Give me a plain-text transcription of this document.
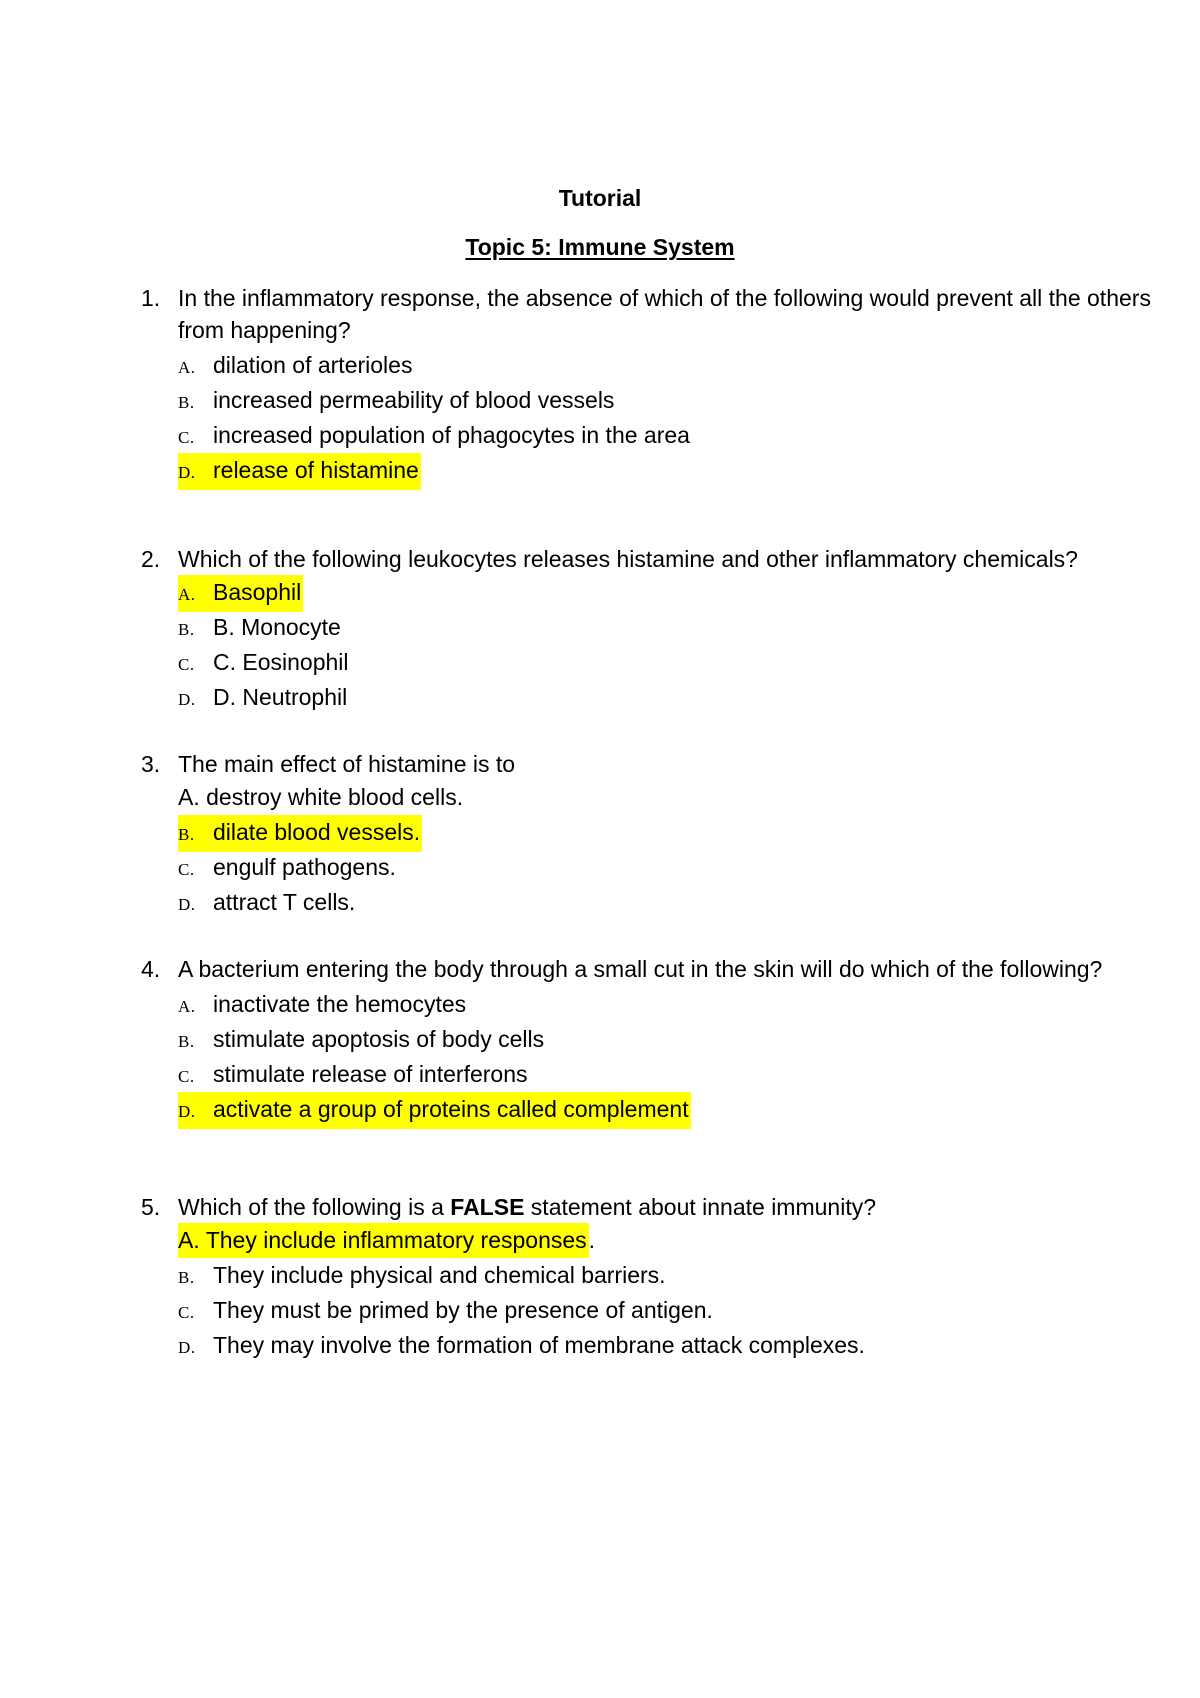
Tutorial
Topic 5: Immune System
1. In the inflammatory response, the absence of which of the following would prevent all the others from happening?
A. dilation of arterioles
B. increased permeability of blood vessels
C. increased population of phagocytes in the area
D. release of histamine
2. Which of the following leukocytes releases histamine and other inflammatory chemicals?
A. Basophil
B. B. Monocyte
C. C. Eosinophil
D. D. Neutrophil
3. The main effect of histamine is to
A. destroy white blood cells.
B. dilate blood vessels.
C. engulf pathogens.
D. attract T cells.
4. A bacterium entering the body through a small cut in the skin will do which of the following?
A. inactivate the hemocytes
B. stimulate apoptosis of body cells
C. stimulate release of interferons
D. activate a group of proteins called complement
5. Which of the following is a FALSE statement about innate immunity?
A. They include inflammatory responses.
B. They include physical and chemical barriers.
C. They must be primed by the presence of antigen.
D. They may involve the formation of membrane attack complexes.
